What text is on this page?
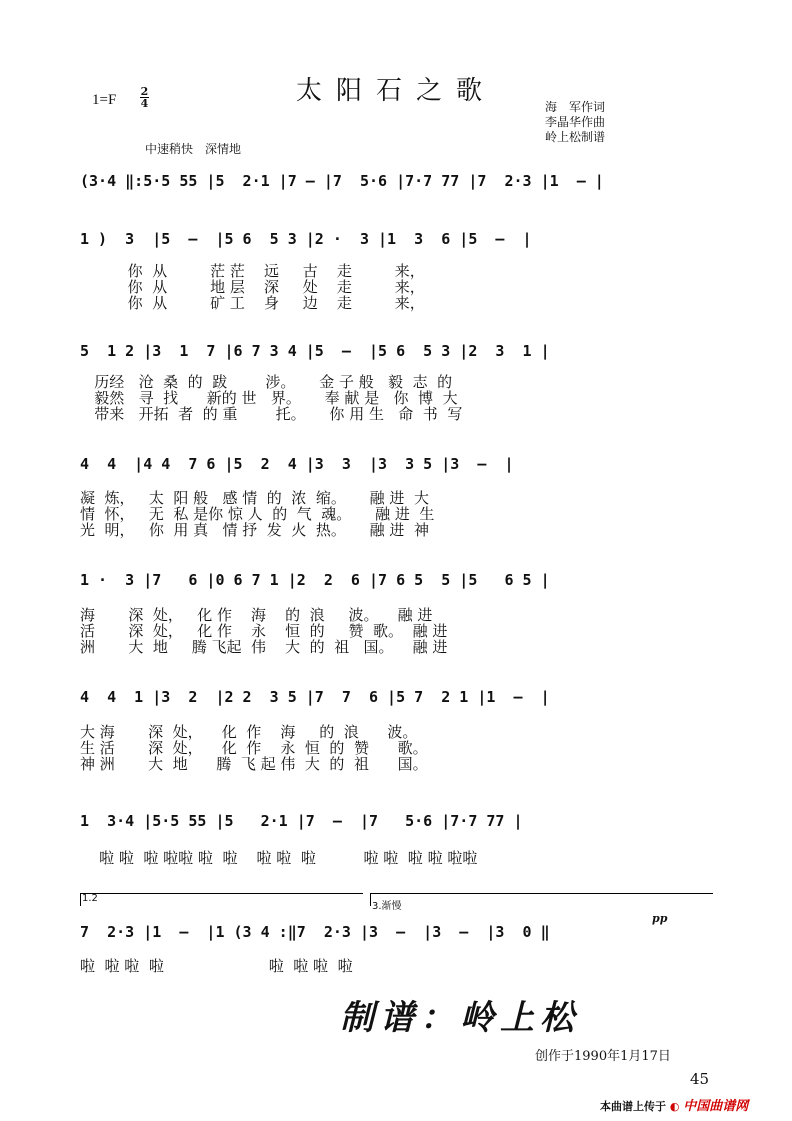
太阳石之歌
1=F
2
4	海　军作词
李晶华作曲
岭上松制谱
中速稍快　深情地
(3·4 ‖:5·5 55 |5  2·1 |7 – |7  5·6 |7·7 77 |7  2·3 |1  – |
1 )  3  |5  –  |5 6  5 3 |2 ·  3 |1  3  6 |5  –  |
你  从         茫 茫    远     古    走         来，
你  从         地 层    深     处    走         来，
你  从         矿 工    身     边    走         来，
5  1 2 |3  1  7 |6 7 3 4 |5  –  |5 6  5 3 |2  3  1 |
历经   沧  桑  的  跋        涉。     金 子 般   毅  志  的
毅然   寻  找      新的 世   界。     奉 献 是   你  博  大
带来   开拓  者  的 重        托。     你 用 生   命  书  写
4  4  |4 4  7 6 |5  2  4 |3  3  |3  3 5 |3  –  |
凝  炼，   太  阳 般   感 情  的  浓  缩。     融 进  大
情  怀，   无  私 是你 惊 人  的  气  魂。     融 进  生
光  明，   你  用 真   情 抒  发  火  热。     融 进  神
1 ·  3 |7   6 |0 6 7 1 |2  2  6 |7 6 5  5 |5   6 5 |
海       深  处，   化 作    海    的  浪     波。    融 进
活       深  处，   化 作    永    恒  的     赞  歌。  融 进
洲       大  地     腾 飞起  伟    大  的  祖   国。    融 进
4  4  1 |3  2  |2 2  3 5 |7  7  6 |5 7  2 1 |1  –  |
大 海       深  处，    化  作    海     的  浪      波。
生 活       深  处，    化  作    永  恒  的  赞      歌。
神 洲       大  地      腾  飞 起 伟  大  的  祖      国。
1  3·4 |5·5 55 |5   2·1 |7  –  |7   5·6 |7·7 77 |
啦 啦  啦 啦啦 啦  啦    啦 啦  啦          啦 啦  啦 啦 啦啦
1.2
3.渐慢
7  2·3 |1  –  |1 (3 4 :‖7  2·3 |3  –  |3  –  |3  0 ‖
pp
啦  啦 啦  啦                      啦  啦 啦  啦
制谱：岭上松
创作于1990年1月17日
45
本曲谱上传于 ◐ 中国曲谱网
